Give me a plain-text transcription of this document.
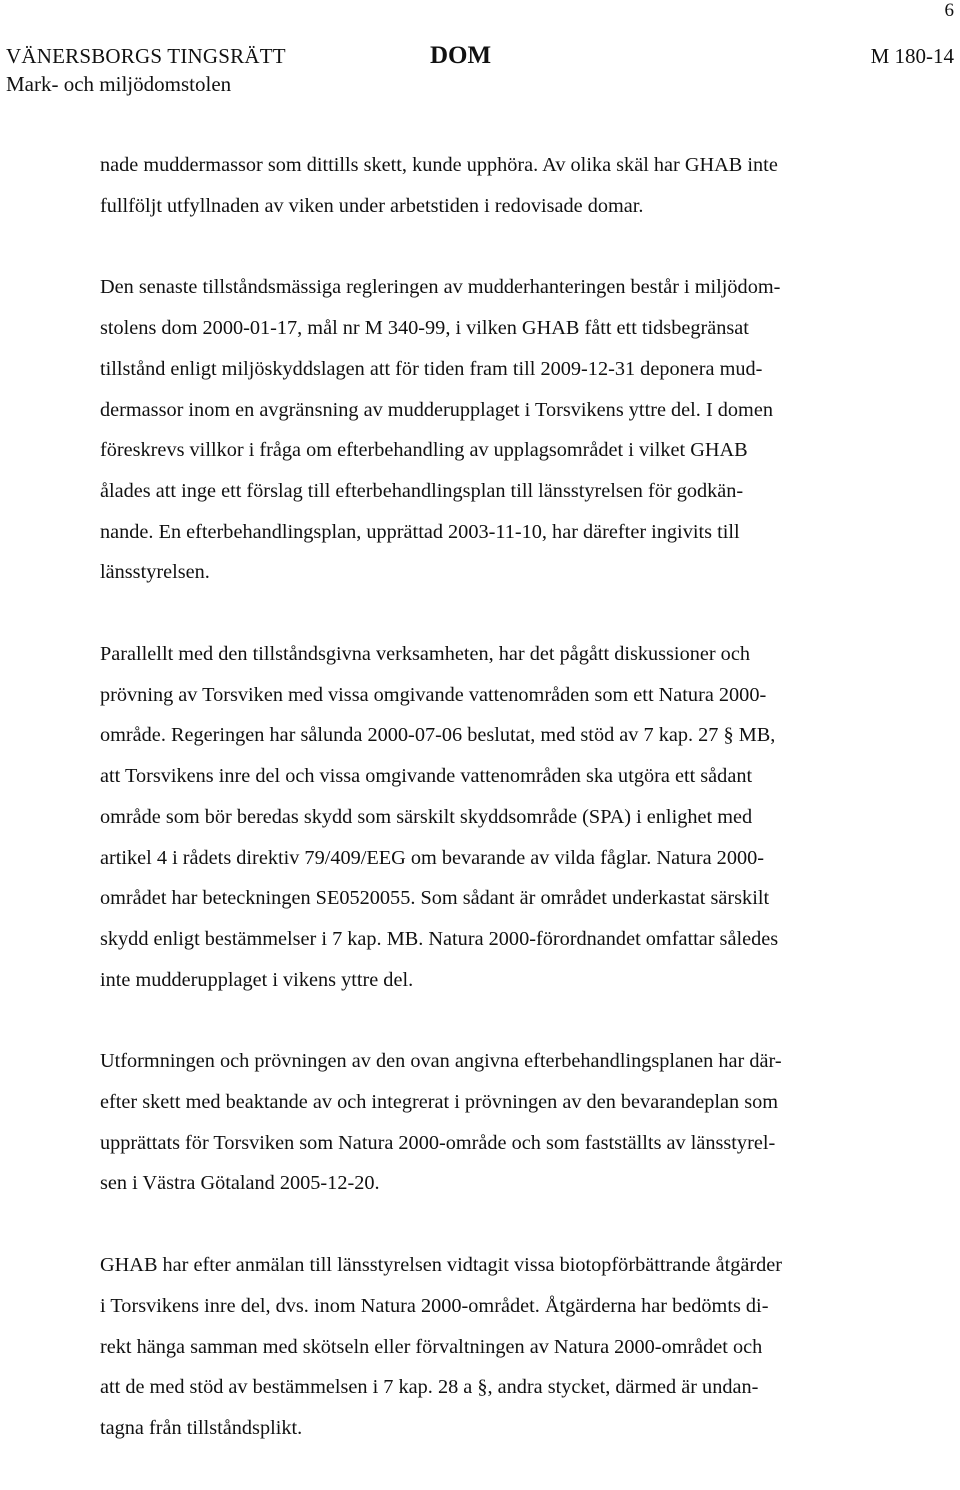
6
VÄNERSBORGS TINGSRÄTT
Mark- och miljödomstolen
DOM	M 180-14

nade muddermassor som dittills skett, kunde upphöra. Av olika skäl har GHAB inte
fullföljt utfyllnaden av viken under arbetstiden i redovisade domar.

Den senaste tillståndsmässiga regleringen av mudderhanteringen består i miljödom-
stolens dom 2000-01-17, mål nr M 340-99, i vilken GHAB fått ett tidsbegränsat
tillstånd enligt miljöskyddslagen att för tiden fram till 2009-12-31 deponera mud-
dermassor inom en avgränsning av mudderupplaget i Torsvikens yttre del. I domen
föreskrevs villkor i fråga om efterbehandling av upplagsområdet i vilket GHAB
ålades att inge ett förslag till efterbehandlingsplan till länsstyrelsen för godkän-
nande. En efterbehandlingsplan, upprättad 2003-11-10, har därefter ingivits till
länsstyrelsen.

Parallellt med den tillståndsgivna verksamheten, har det pågått diskussioner och
prövning av Torsviken med vissa omgivande vattenområden som ett Natura 2000-
område. Regeringen har sålunda 2000-07-06 beslutat, med stöd av 7 kap. 27 § MB,
att Torsvikens inre del och vissa omgivande vattenområden ska utgöra ett sådant
område som bör beredas skydd som särskilt skyddsområde (SPA) i enlighet med
artikel 4 i rådets direktiv 79/409/EEG om bevarande av vilda fåglar. Natura 2000-
området har beteckningen SE0520055. Som sådant är området underkastat särskilt
skydd enligt bestämmelser i 7 kap. MB. Natura 2000-förordnandet omfattar således
inte mudderupplaget i vikens yttre del.

Utformningen och prövningen av den ovan angivna efterbehandlingsplanen har där-
efter skett med beaktande av och integrerat i prövningen av den bevarandeplan som
upprättats för Torsviken som Natura 2000-område och som fastställts av länsstyrel-
sen i Västra Götaland 2005-12-20.

GHAB har efter anmälan till länsstyrelsen vidtagit vissa biotopförbättrande åtgärder
i Torsvikens inre del, dvs. inom Natura 2000-området. Åtgärderna har bedömts di-
rekt hänga samman med skötseln eller förvaltningen av Natura 2000-området och
att de med stöd av bestämmelsen i 7 kap. 28 a §, andra stycket, därmed är undan-
tagna från tillståndsplikt.
